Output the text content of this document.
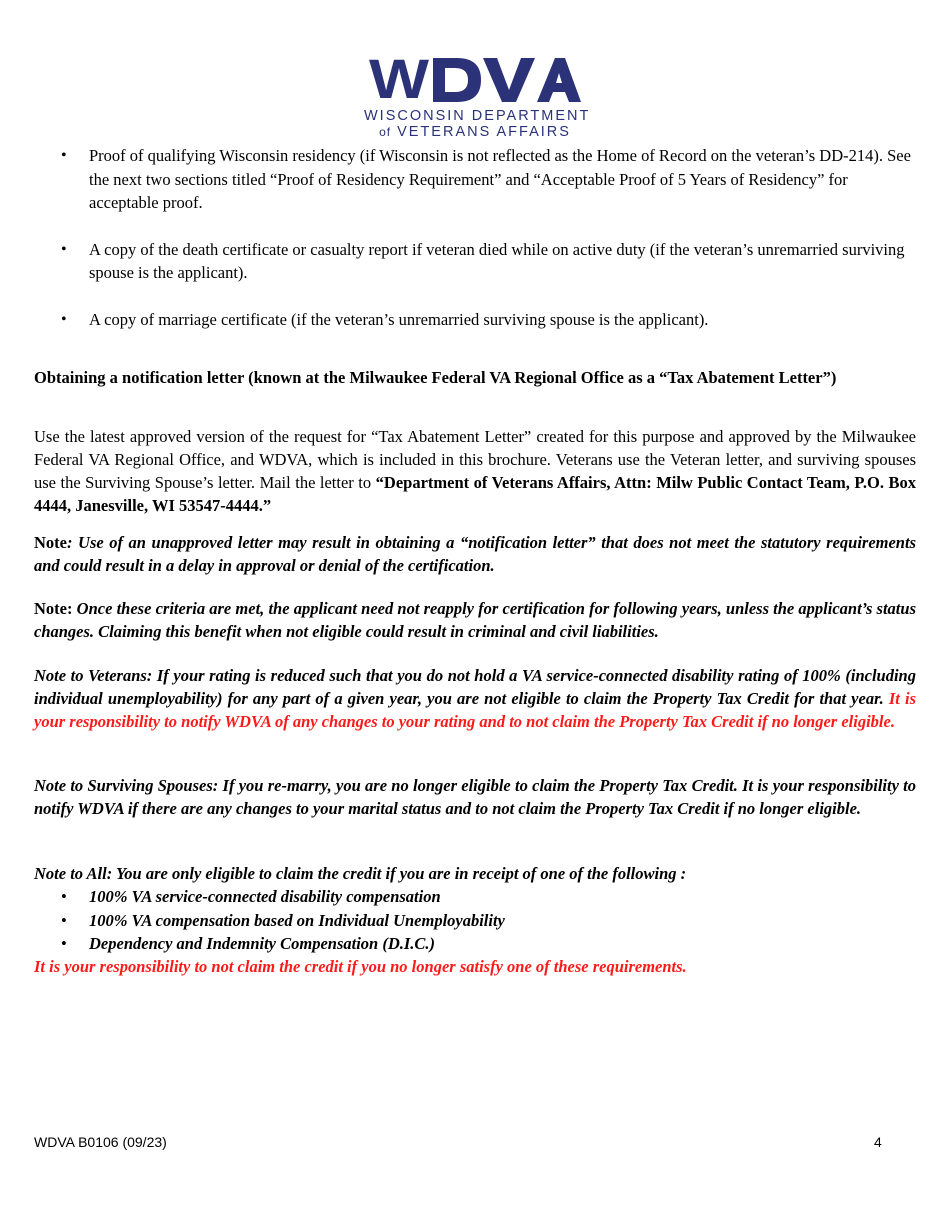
W
WISCONSIN DEPARTMENT
of VETERANS AFFAIRS
• Proof of qualifying Wisconsin residency (if Wisconsin is not reflected as the Home of Record on the veteran’s DD-214). See the next two sections titled “Proof of Residency Requirement” and “Acceptable Proof of 5 Years of Residency” for acceptable proof.
• A copy of the death certificate or casualty report if veteran died while on active duty (if the veteran’s unremarried surviving spouse is the applicant).
• A copy of marriage certificate (if the veteran’s unremarried surviving spouse is the applicant).

Obtaining a notification letter (known at the Milwaukee Federal VA Regional Office as a “Tax Abatement Letter”)

Use the latest approved version of the request for “Tax Abatement Letter” created for this purpose and approved by the Milwaukee Federal VA Regional Office, and WDVA, which is included in this brochure. Veterans use the Veteran letter, and surviving spouses use the Surviving Spouse’s letter. Mail the letter to “Department of Veterans Affairs, Attn: Milw Public Contact Team, P.O. Box 4444, Janesville, WI 53547-4444.”

Note: Use of an unapproved letter may result in obtaining a “notification letter” that does not meet the statutory requirements and could result in a delay in approval or denial of the certification.

Note: Once these criteria are met, the applicant need not reapply for certification for following years, unless the applicant’s status changes. Claiming this benefit when not eligible could result in criminal and civil liabilities.

Note to Veterans: If your rating is reduced such that you do not hold a VA service-connected disability rating of 100% (including individual unemployability) for any part of a given year, you are not eligible to claim the Property Tax Credit for that year. It is your responsibility to notify WDVA of any changes to your rating and to not claim the Property Tax Credit if no longer eligible.

Note to Surviving Spouses: If you re-marry, you are no longer eligible to claim the Property Tax Credit. It is your responsibility to notify WDVA if there are any changes to your marital status and to not claim the Property Tax Credit if no longer eligible.

Note to All: You are only eligible to claim the credit if you are in receipt of one of the following :

• 100% VA service-connected disability compensation
• 100% VA compensation based on Individual Unemployability
• Dependency and Indemnity Compensation (D.I.C.)

It is your responsibility to not claim the credit if you no longer satisfy one of these requirements.

WDVA B0106 (09/23)	4
